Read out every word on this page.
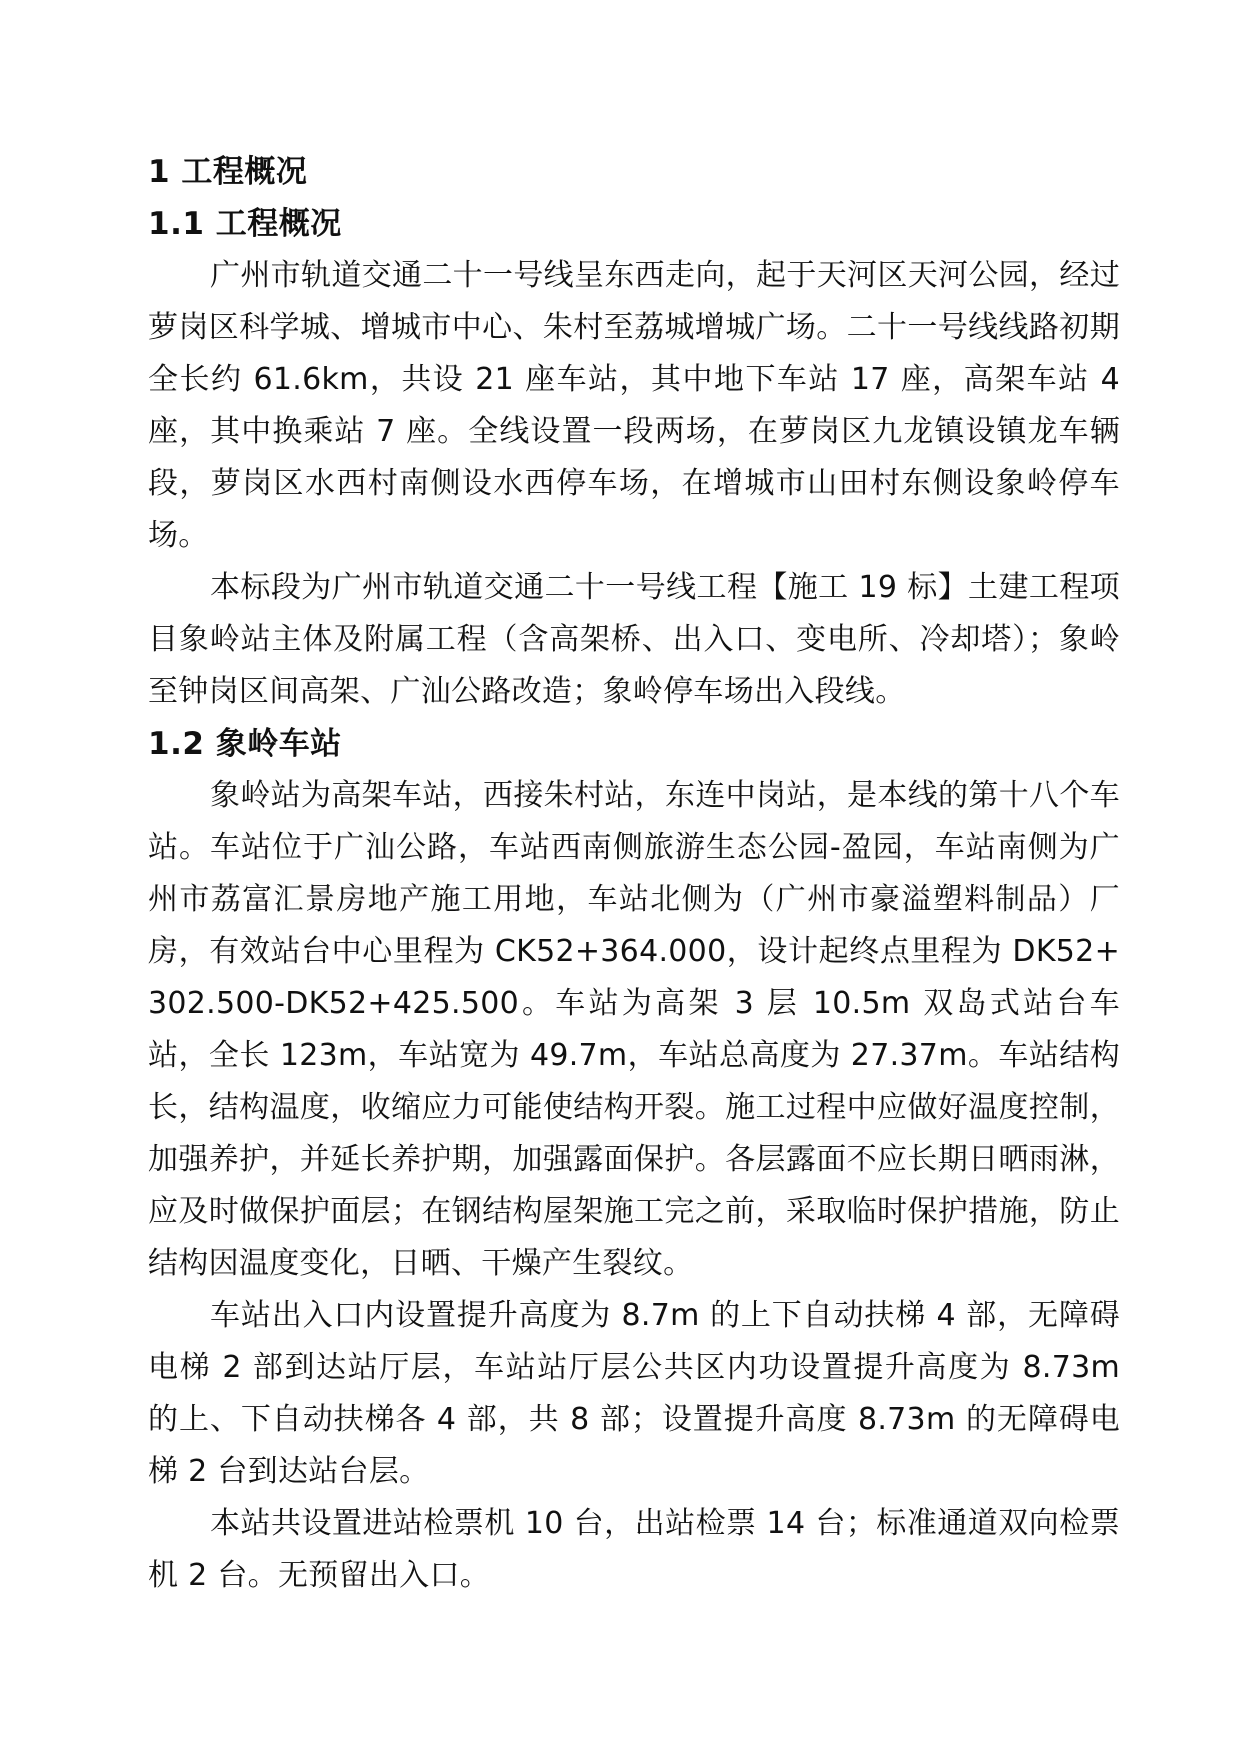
1 工程概况
1.1 工程概况

广州市轨道交通二十一号线呈东西走向，起于天河区天河公园，经过萝岗区科学城、增城市中心、朱村至荔城增城广场。二十一号线线路初期全长约 61.6km，共设 21 座车站，其中地下车站 17 座，高架车站 4 座，其中换乘站 7 座。全线设置一段两场，在萝岗区九龙镇设镇龙车辆段，萝岗区水西村南侧设水西停车场，在增城市山田村东侧设象岭停车场。

本标段为广州市轨道交通二十一号线工程【施工 19 标】土建工程项目象岭站主体及附属工程（含高架桥、出入口、变电所、冷却塔）；象岭至钟岗区间高架、广汕公路改造；象岭停车场出入段线。

1.2 象岭车站

象岭站为高架车站，西接朱村站，东连中岗站，是本线的第十八个车站。车站位于广汕公路，车站西南侧旅游生态公园-盈园，车站南侧为广州市荔富汇景房地产施工用地，车站北侧为（广州市豪溢塑料制品）厂房，有效站台中心里程为 CK52+364.000，设计起终点里程为 DK52+302.500-DK52+425.500。车站为高架 3 层 10.5m 双岛式站台车站，全长 123m，车站宽为 49.7m，车站总高度为 27.37m。车站结构长，结构温度，收缩应力可能使结构开裂。施工过程中应做好温度控制，加强养护，并延长养护期，加强露面保护。各层露面不应长期日晒雨淋，应及时做保护面层；在钢结构屋架施工完之前，采取临时保护措施，防止结构因温度变化，日晒、干燥产生裂纹。

车站出入口内设置提升高度为 8.7m 的上下自动扶梯 4 部，无障碍电梯 2 部到达站厅层，车站站厅层公共区内功设置提升高度为 8.73m 的上、下自动扶梯各 4 部，共 8 部；设置提升高度 8.73m 的无障碍电梯 2 台到达站台层。

本站共设置进站检票机 10 台，出站检票 14 台；标准通道双向检票机 2 台。无预留出入口。
